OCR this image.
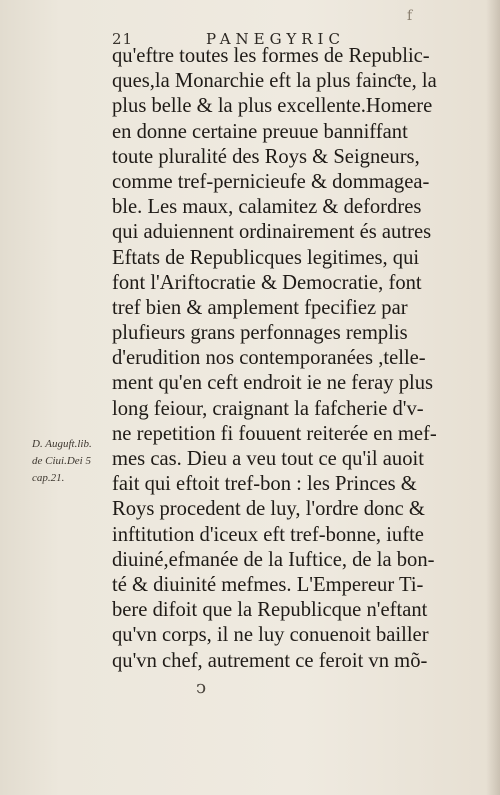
21	PANEGYRIC
f
qu'eftre toutes les formes de Republic-
ques,la Monarchie eft la plus fainƈte, la
plus belle & la plus excellente.Homere
en donne certaine preuue banniffant
toute pluralité des Roys & Seigneurs,
comme tref-pernicieufe & dommagea-
ble. Les maux, calamitez & defordres
qui aduiennent ordinairement és autres
Eftats de Republicques legitimes, qui
font l'Ariftocratie & Democratie, font
tref bien & amplement fpecifiez par
plufieurs grans perfonnages remplis
d'erudition nos contemporanées ,telle-
ment qu'en ceft endroit ie ne feray plus
long feiour, craignant la fafcherie d'v-
ne repetition fi fouuent reiterée en mef-
mes cas. Dieu a veu tout ce qu'il auoit
fait qui eftoit tref-bon : les Princes &
Roys procedent de luy, l'ordre donc &
inftitution d'iceux eft tref-bonne, iufte
diuiné,efmanée de la Iuftice, de la bon-
té & diuinité mefmes. L'Empereur Ti-
bere difoit que la Republicque n'eftant
qu'vn corps, il ne luy conuenoit bailler
qu'vn chef, autrement ce feroit vn mõ-
D. Auguft.lib.
de Ciui.Dei 5
cap.21.
ↄ
